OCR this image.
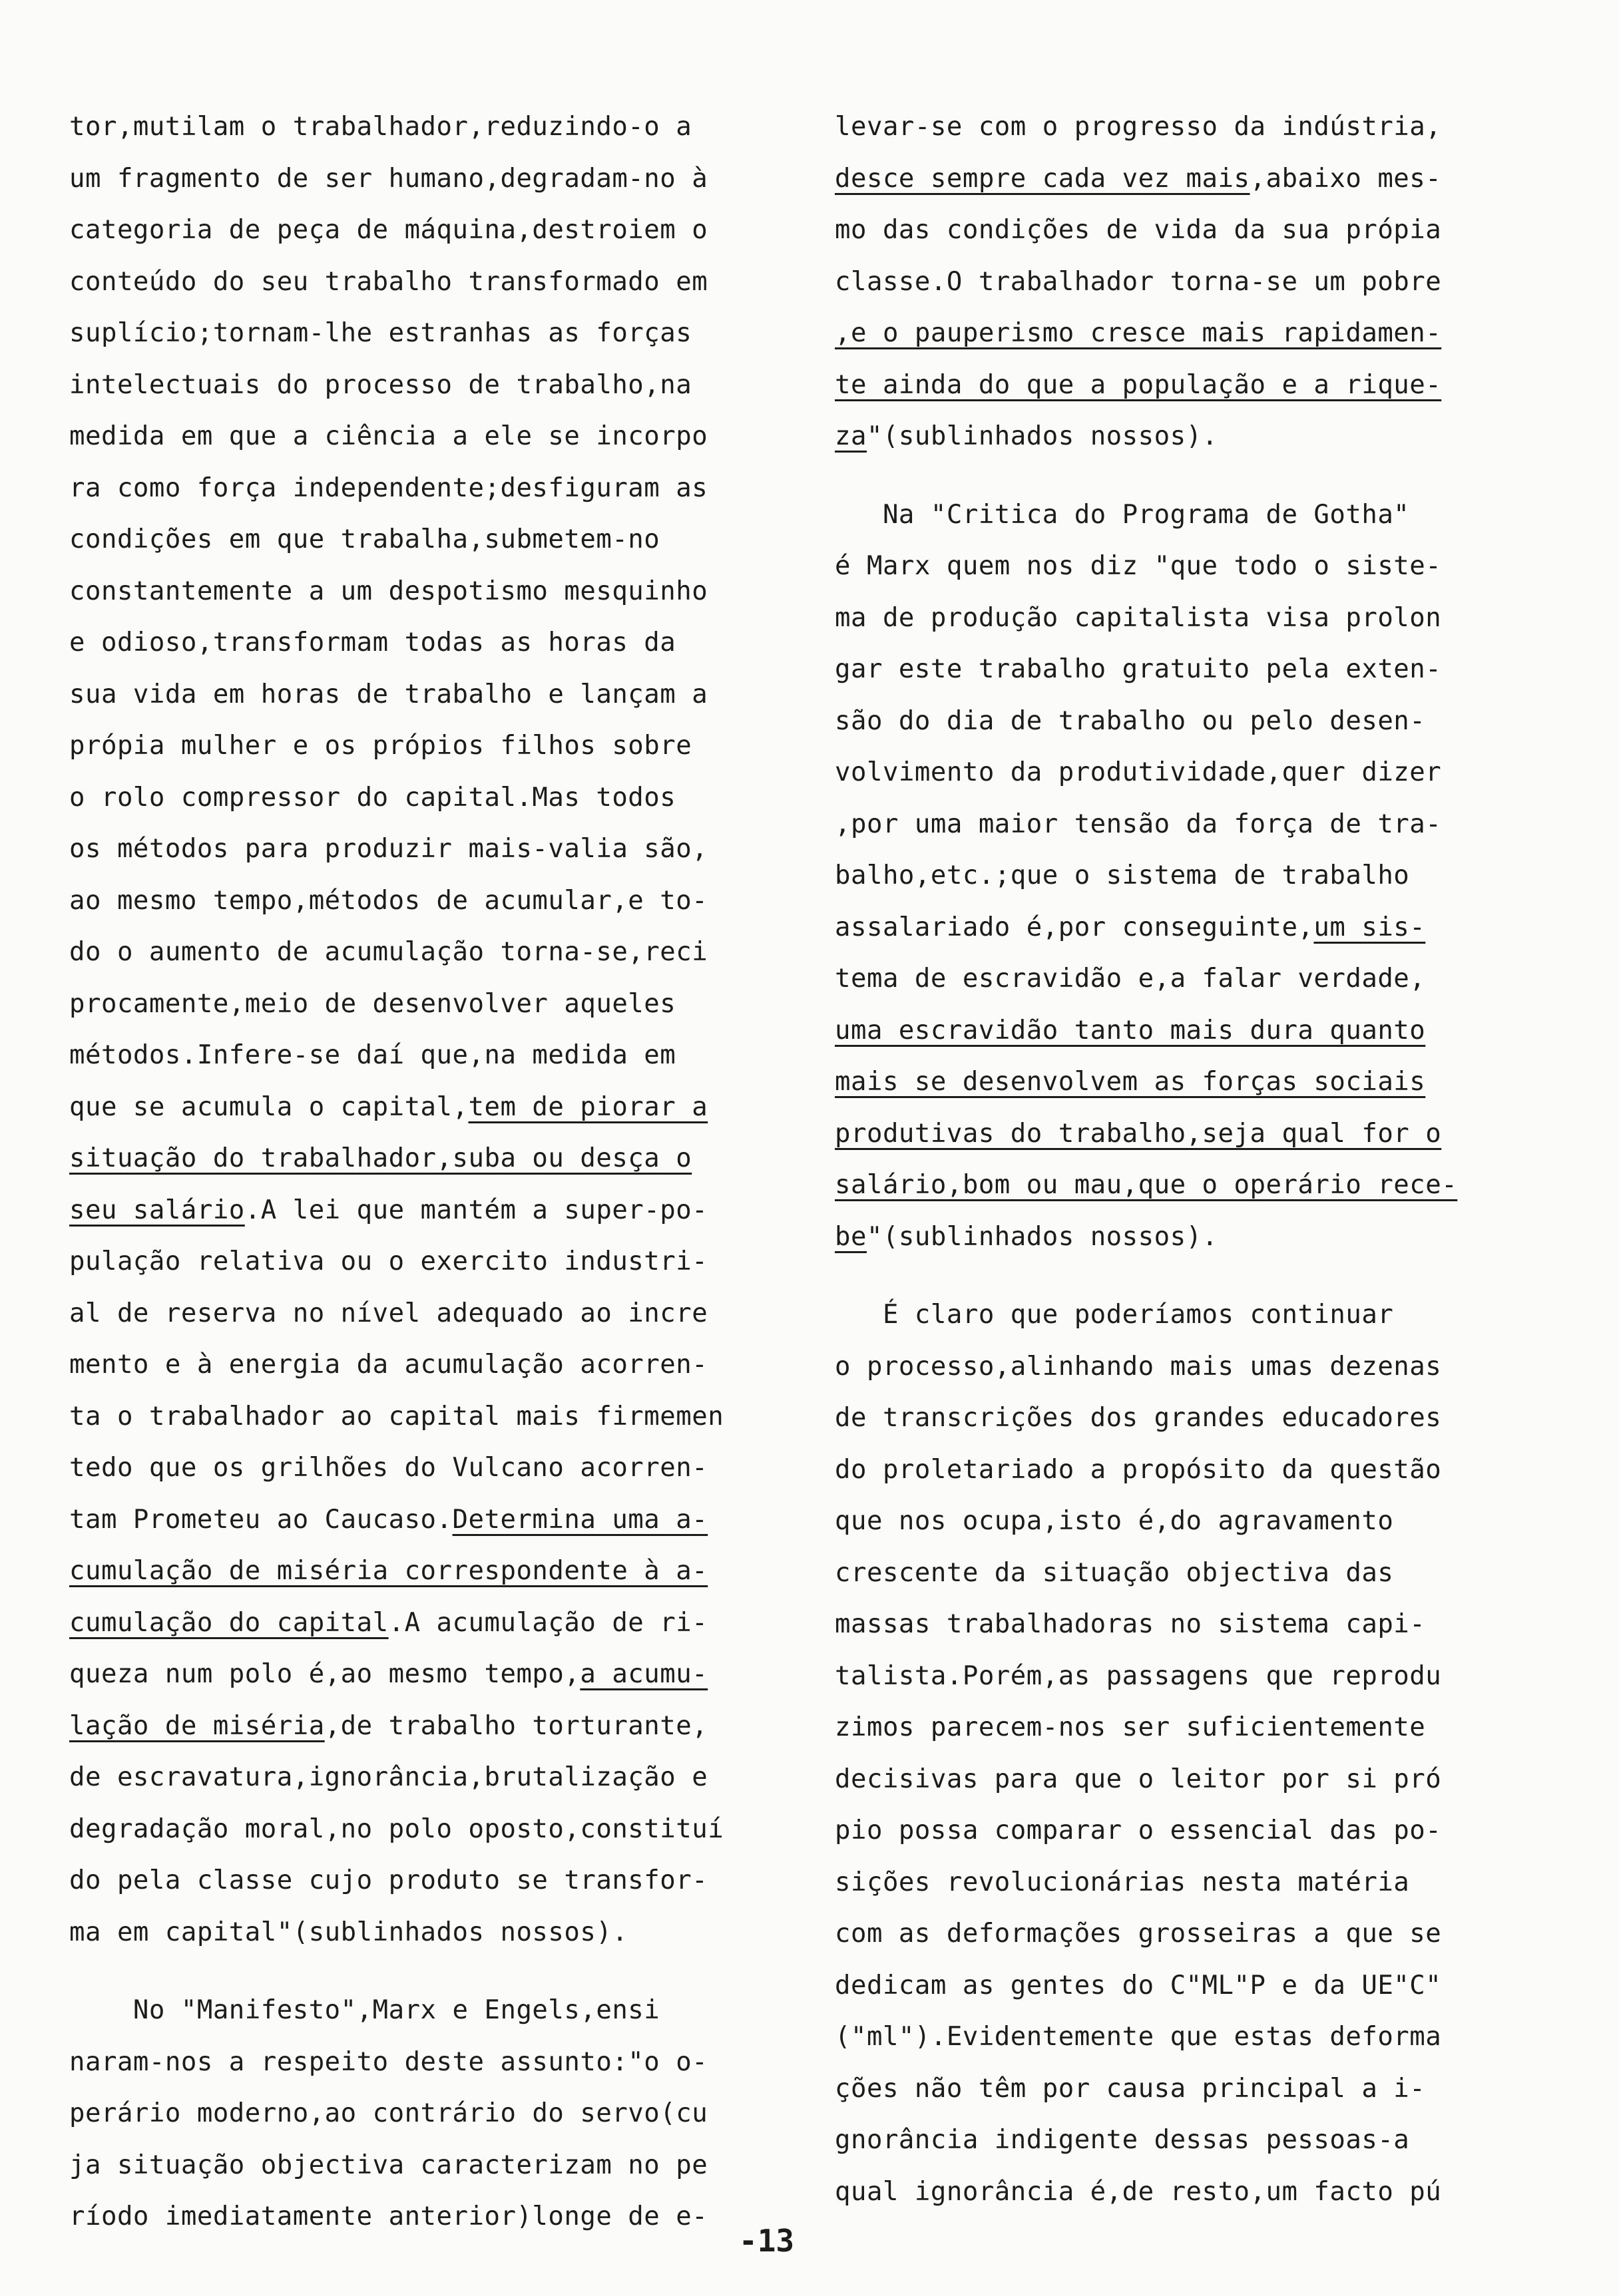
tor,mutilam o trabalhador,reduzindo-o a
um fragmento de ser humano,degradam-no à
categoria de peça de máquina,destroiem o
conteúdo do seu trabalho transformado em
suplício;tornam-lhe estranhas as forças
intelectuais do processo de trabalho,na
medida em que a ciência a ele se incorpo
ra como força independente;desfiguram as
condições em que trabalha,submetem-no
constantemente a um despotismo mesquinho
e odioso,transformam todas as horas da
sua vida em horas de trabalho e lançam a
própia mulher e os própios filhos sobre
o rolo compressor do capital.Mas todos
os métodos para produzir mais-valia são,
ao mesmo tempo,métodos de acumular,e to-
do o aumento de acumulação torna-se,reci
procamente,meio de desenvolver aqueles
métodos.Infere-se daí que,na medida em
que se acumula o capital,tem de piorar a
situação do trabalhador,suba ou desça o
seu salário.A lei que mantém a super-po-
pulação relativa ou o exercito industri-
al de reserva no nível adequado ao incre
mento e à energia da acumulação acorren-
ta o trabalhador ao capital mais firmemen
tedo que os grilhões do Vulcano acorren-
tam Prometeu ao Caucaso.Determina uma a-
cumulação de miséria correspondente à a-
cumulação do capital.A acumulação de ri-
queza num polo é,ao mesmo tempo,a acumu-
lação de miséria,de trabalho torturante,
de escravatura,ignorância,brutalização e
degradação moral,no polo oposto,constituí
do pela classe cujo produto se transfor-
ma em capital"(sublinhados nossos).
No "Manifesto",Marx e Engels,ensi
naram-nos a respeito deste assunto:"o o-
perário moderno,ao contrário do servo(cu
ja situação objectiva caracterizam no pe
ríodo imediatamente anterior)longe de e-
levar-se com o progresso da indústria,
desce sempre cada vez mais,abaixo mes-
mo das condições de vida da sua própia
classe.O trabalhador torna-se um pobre
,e o pauperismo cresce mais rapidamen-
te ainda do que a população e a rique-
za"(sublinhados nossos).
Na "Critica do Programa de Gotha"
é Marx quem nos diz "que todo o siste-
ma de produção capitalista visa prolon
gar este trabalho gratuito pela exten-
são do dia de trabalho ou pelo desen-
volvimento da produtividade,quer dizer
,por uma maior tensão da força de tra-
balho,etc.;que o sistema de trabalho
assalariado é,por conseguinte,um sis-
tema de escravidão e,a falar verdade,
uma escravidão tanto mais dura quanto
mais se desenvolvem as forças sociais
produtivas do trabalho,seja qual for o
salário,bom ou mau,que o operário rece-
be"(sublinhados nossos).
É claro que poderíamos continuar
o processo,alinhando mais umas dezenas
de transcrições dos grandes educadores
do proletariado a propósito da questão
que nos ocupa,isto é,do agravamento
crescente da situação objectiva das
massas trabalhadoras no sistema capi-
talista.Porém,as passagens que reprodu
zimos parecem-nos ser suficientemente
decisivas para que o leitor por si pró
pio possa comparar o essencial das po-
sições revolucionárias nesta matéria
com as deformações grosseiras a que se
dedicam as gentes do C"ML"P e da UE"C"
("ml").Evidentemente que estas deforma
ções não têm por causa principal a i-
gnorância indigente dessas pessoas-a
qual ignorância é,de resto,um facto pú
-13
